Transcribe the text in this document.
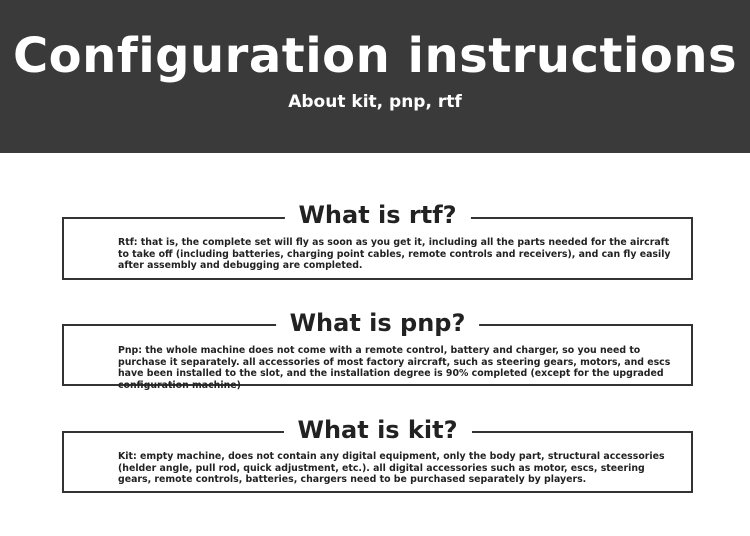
Configuration instructions
About kit, pnp, rtf
What is rtf?
Rtf: that is, the complete set will fly as soon as you get it, including all the parts needed for the aircraft to take off (including batteries, charging point cables, remote controls and receivers), and can fly easily after assembly and debugging are completed.
What is pnp?
Pnp: the whole machine does not come with a remote control, battery and charger, so you need to purchase it separately. all accessories of most factory aircraft, such as steering gears, motors, and escs have been installed to the slot, and the installation degree is 90% completed (except for the upgraded configuration machine)
What is kit?
Kit: empty machine, does not contain any digital equipment, only the body part, structural accessories (helder angle, pull rod, quick adjustment, etc.). all digital accessories such as motor, escs, steering gears, remote controls, batteries, chargers need to be purchased separately by players.
